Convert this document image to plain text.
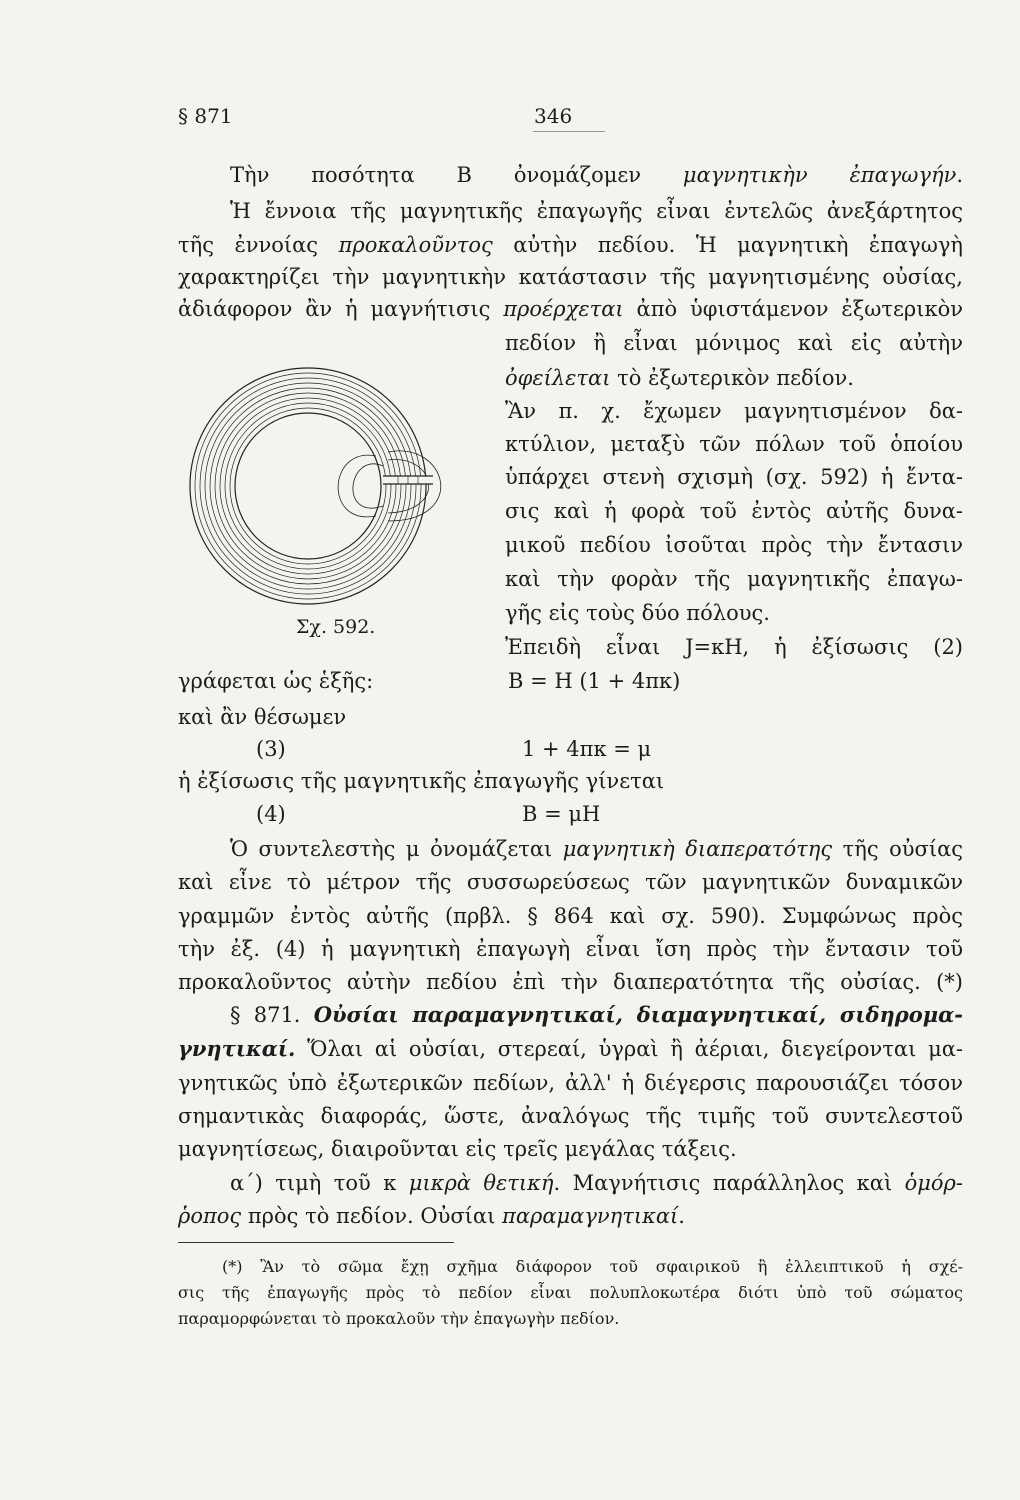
§ 871	346
Τὴν ποσότητα Β ὀνομάζομεν μαγνητικὴν ἐπαγωγήν.
Ἡ ἔννοια τῆς μαγνητικῆς ἐπαγωγῆς εἶναι ἐντελῶς ἀνεξάρτητος
τῆς ἐννοίας προκαλοῦντος αὐτὴν πεδίου. Ἡ μαγνητικὴ ἐπαγωγὴ
χαρακτηρίζει τὴν μαγνητικὴν κατάστασιν τῆς μαγνητισμένης οὐσίας,
ἀδιάφορον ἂν ἡ μαγνήτισις προέρχεται ἀπὸ ὑφιστάμενον ἐξωτερικὸν
Σχ. 592.
πεδίον ἢ εἶναι μόνιμος καὶ εἰς αὐτὴν
ὀφείλεται τὸ ἐξωτερικὸν πεδίον.
Ἂν π. χ. ἔχωμεν μαγνητισμένον δα-
κτύλιον, μεταξὺ τῶν πόλων τοῦ ὁποίου
ὑπάρχει στενὴ σχισμὴ (σχ. 592) ἡ ἔντα-
σις καὶ ἡ φορὰ τοῦ ἐντὸς αὐτῆς δυνα-
μικοῦ πεδίου ἰσοῦται πρὸς τὴν ἔντασιν
καὶ τὴν φορὰν τῆς μαγνητικῆς ἐπαγω-
γῆς εἰς τοὺς δύο πόλους.
Ἐπειδὴ εἶναι J=κΗ, ἡ ἐξίσωσις (2)
γράφεται ὡς ἑξῆς:	Β = Η (1 + 4πκ)
καὶ ἂν θέσωμεν
(3)	1 + 4πκ = μ
ἡ ἐξίσωσις τῆς μαγνητικῆς ἐπαγωγῆς γίνεται
(4)	Β = μΗ
Ὁ συντελεστὴς μ ὀνομάζεται μαγνητικὴ διαπερατότης τῆς οὐσίας
καὶ εἶνε τὸ μέτρον τῆς συσσωρεύσεως τῶν μαγνητικῶν δυναμικῶν
γραμμῶν ἐντὸς αὐτῆς (πρβλ. § 864 καὶ σχ. 590). Συμφώνως πρὸς
τὴν ἐξ. (4) ἡ μαγνητικὴ ἐπαγωγὴ εἶναι ἴση πρὸς τὴν ἔντασιν τοῦ
προκαλοῦντος αὐτὴν πεδίου ἐπὶ τὴν διαπερατότητα τῆς οὐσίας. (*)
§ 871. Οὐσίαι παραμαγνητικαί, διαμαγνητικαί, σιδηρομα-
γνητικαί. Ὅλαι αἱ οὐσίαι, στερεαί, ὑγραὶ ἢ ἀέριαι, διεγείρονται μα-
γνητικῶς ὑπὸ ἐξωτερικῶν πεδίων, ἀλλ' ἡ διέγερσις παρουσιάζει τόσον
σημαντικὰς διαφοράς, ὥστε, ἀναλόγως τῆς τιμῆς τοῦ συντελεστοῦ
μαγνητίσεως, διαιροῦνται εἰς τρεῖς μεγάλας τάξεις.
α΄) τιμὴ τοῦ κ μικρὰ θετική. Μαγνήτισις παράλληλος καὶ ὁμόρ-
ῥοπος πρὸς τὸ πεδίον. Οὐσίαι παραμαγνητικαί.
(*) Ἂν τὸ σῶμα ἔχῃ σχῆμα διάφορον τοῦ σφαιρικοῦ ἢ ἐλλειπτικοῦ ἡ σχέ-
σις τῆς ἐπαγωγῆς πρὸς τὸ πεδίον εἶναι πολυπλοκωτέρα διότι ὑπὸ τοῦ σώματος
παραμορφώνεται τὸ προκαλοῦν τὴν ἐπαγωγὴν πεδίον.
